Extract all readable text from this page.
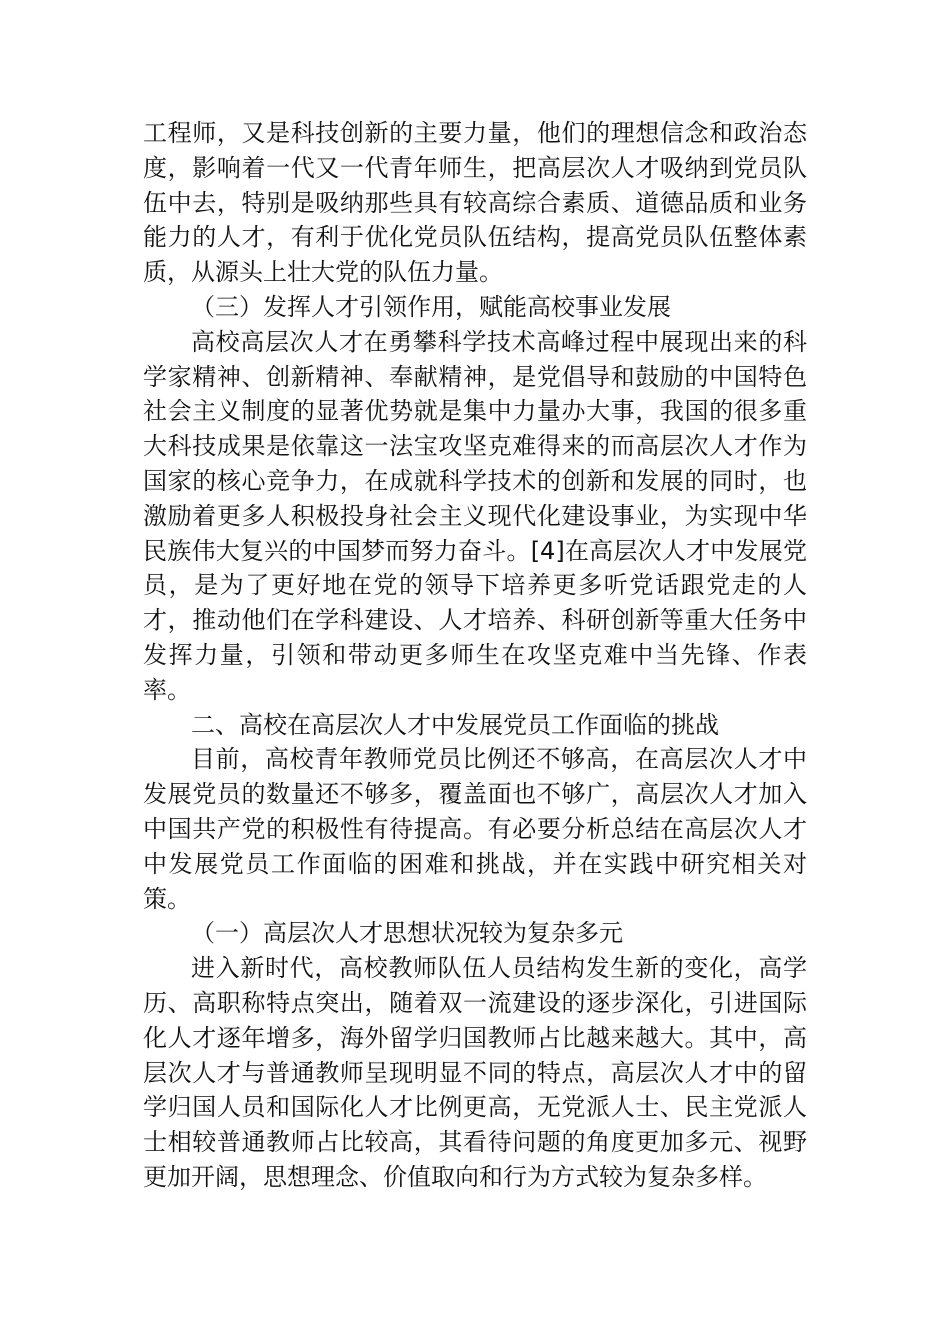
工程师，又是科技创新的主要力量，他们的理想信念和政治态度，影响着一代又一代青年师生，把高层次人才吸纳到党员队伍中去，特别是吸纳那些具有较高综合素质、道德品质和业务能力的人才，有利于优化党员队伍结构，提高党员队伍整体素质，从源头上壮大党的队伍力量。

（三）发挥人才引领作用，赋能高校事业发展

高校高层次人才在勇攀科学技术高峰过程中展现出来的科学家精神、创新精神、奉献精神，是党倡导和鼓励的中国特色社会主义制度的显著优势就是集中力量办大事，我国的很多重大科技成果是依靠这一法宝攻坚克难得来的而高层次人才作为国家的核心竞争力，在成就科学技术的创新和发展的同时，也激励着更多人积极投身社会主义现代化建设事业，为实现中华民族伟大复兴的中国梦而努力奋斗。[4]在高层次人才中发展党员，是为了更好地在党的领导下培养更多听党话跟党走的人才，推动他们在学科建设、人才培养、科研创新等重大任务中发挥力量，引领和带动更多师生在攻坚克难中当先锋、作表率。

二、高校在高层次人才中发展党员工作面临的挑战

目前，高校青年教师党员比例还不够高，在高层次人才中发展党员的数量还不够多，覆盖面也不够广，高层次人才加入中国共产党的积极性有待提高。有必要分析总结在高层次人才中发展党员工作面临的困难和挑战，并在实践中研究相关对策。

（一）高层次人才思想状况较为复杂多元

进入新时代，高校教师队伍人员结构发生新的变化，高学历、高职称特点突出，随着双一流建设的逐步深化，引进国际化人才逐年增多，海外留学归国教师占比越来越大。其中，高层次人才与普通教师呈现明显不同的特点，高层次人才中的留学归国人员和国际化人才比例更高，无党派人士、民主党派人士相较普通教师占比较高，其看待问题的角度更加多元、视野更加开阔，思想理念、价值取向和行为方式较为复杂多样。
